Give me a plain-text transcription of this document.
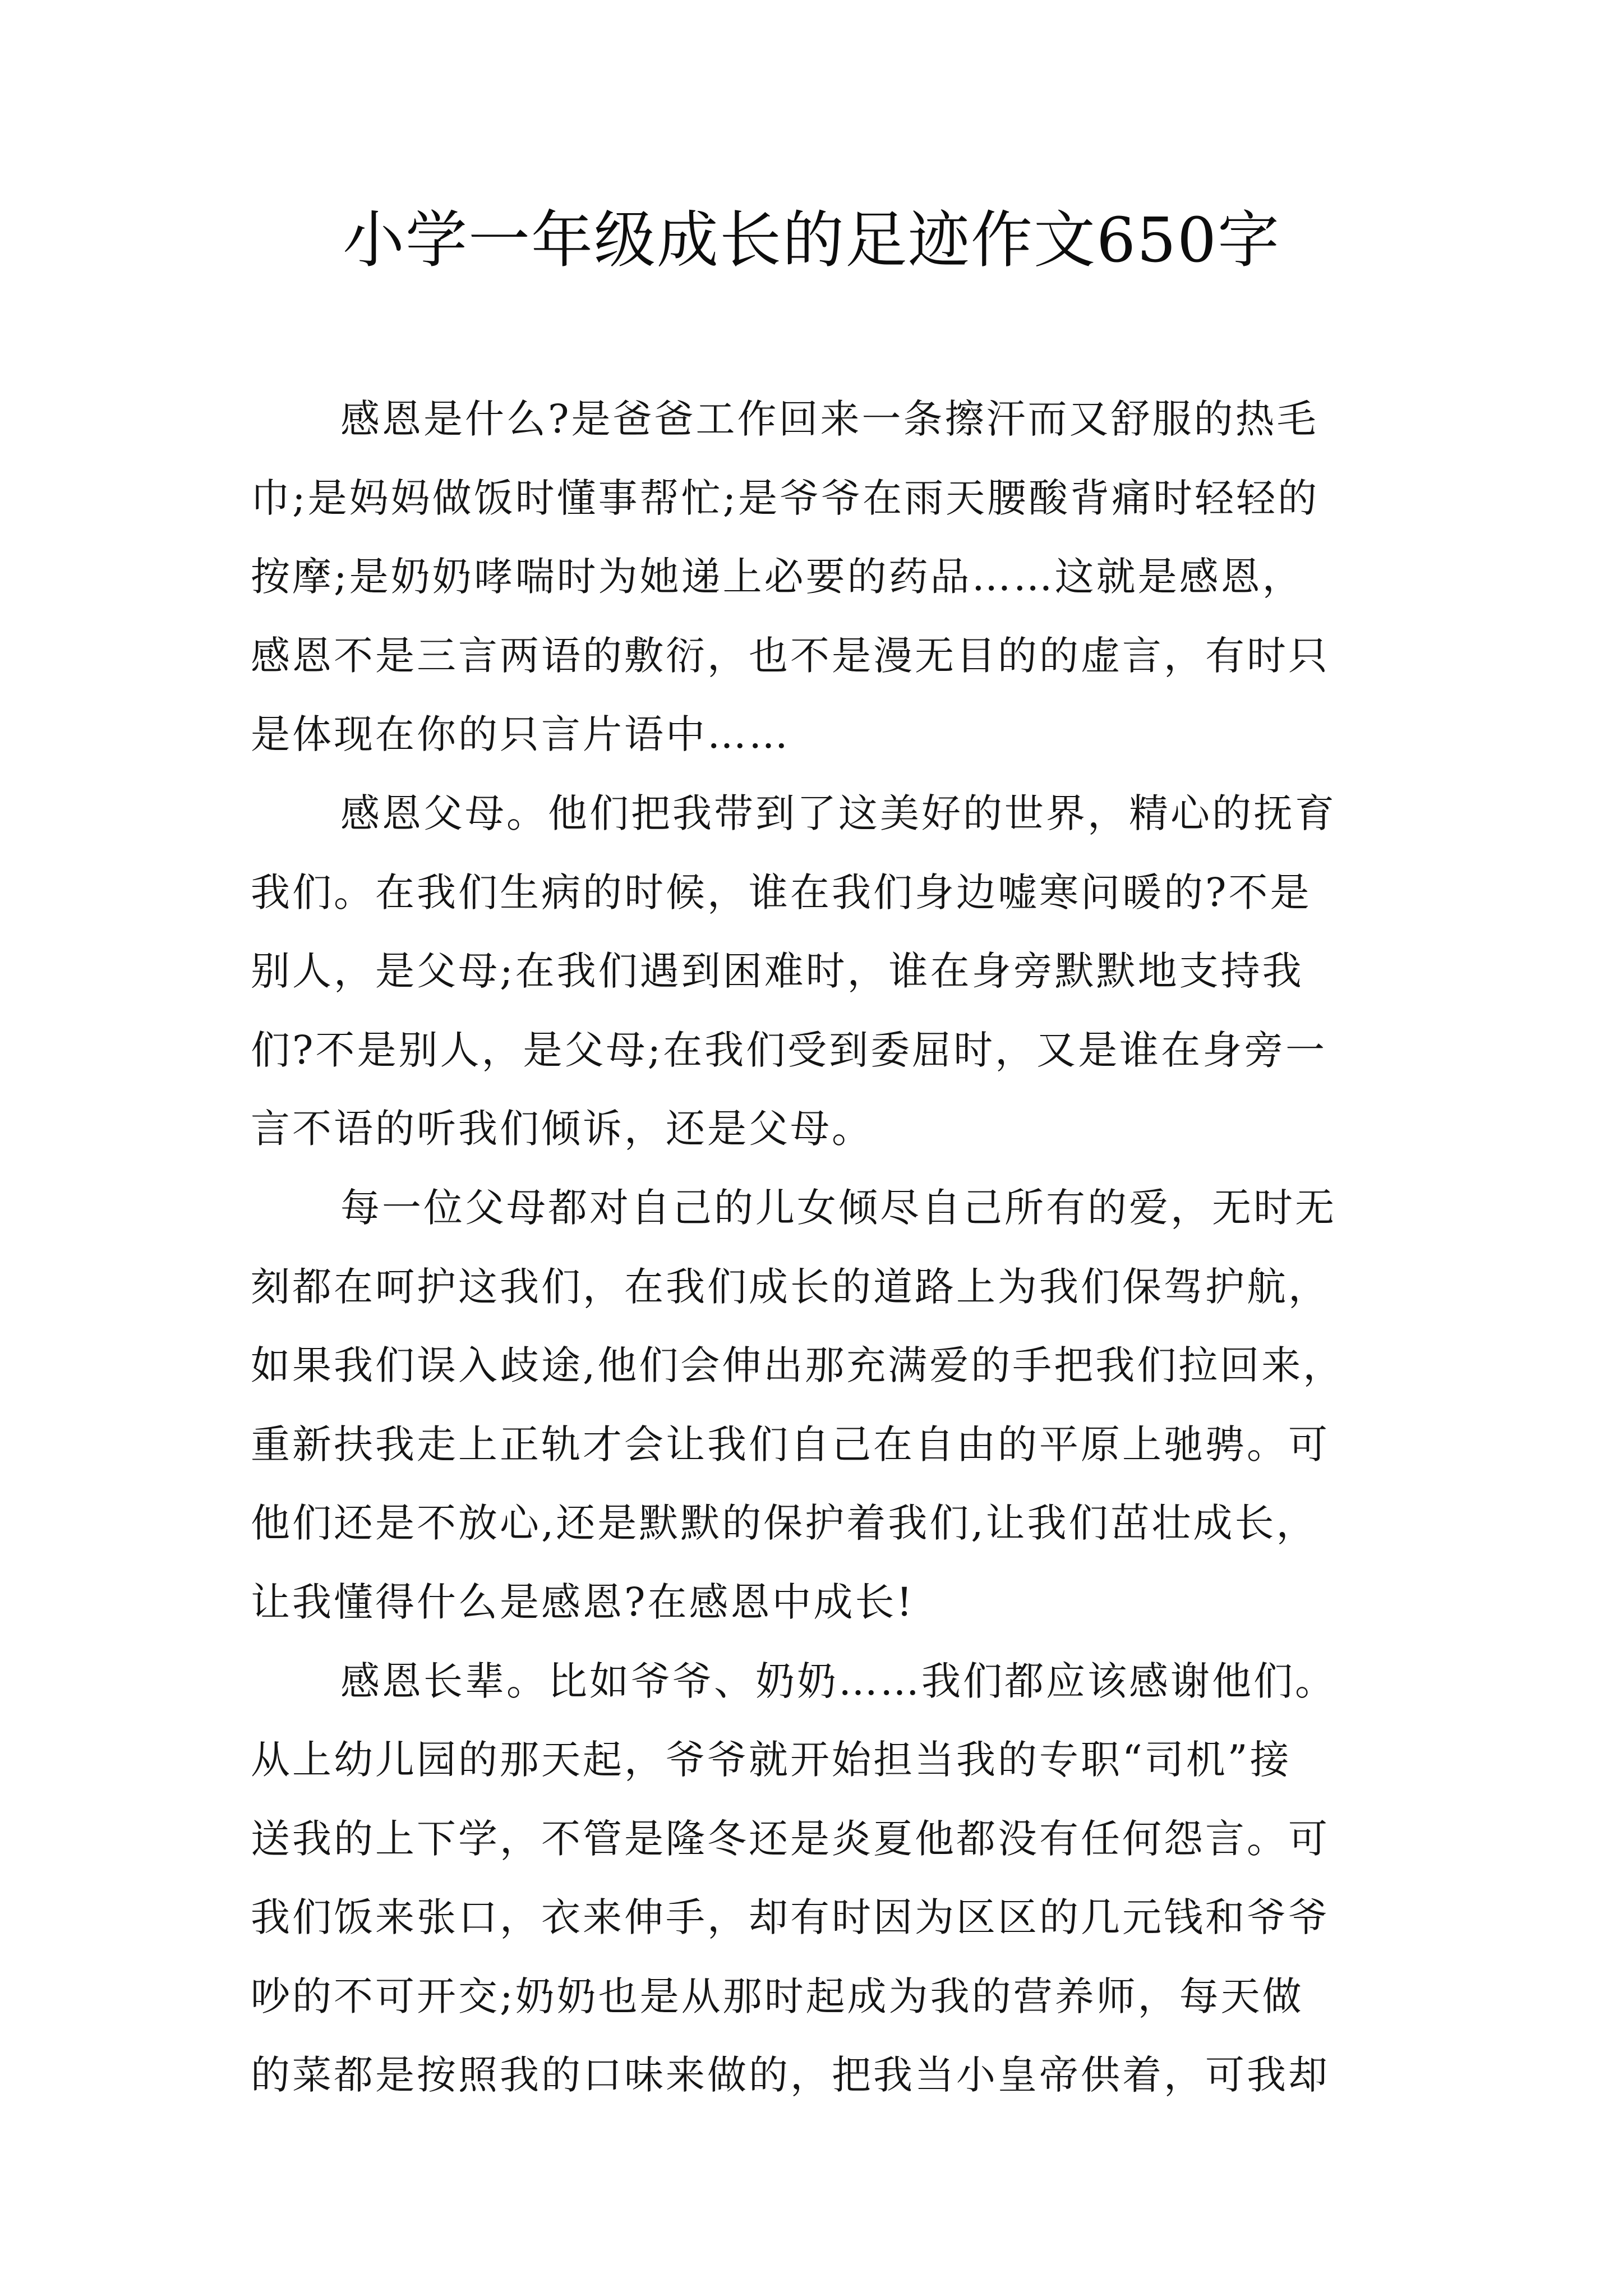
小学一年级成长的足迹作文650字
感恩是什么?是爸爸工作回来一条擦汗而又舒服的热毛
巾;是妈妈做饭时懂事帮忙;是爷爷在雨天腰酸背痛时轻轻的
按摩;是奶奶哮喘时为她递上必要的药品……这就是感恩，
感恩不是三言两语的敷衍，也不是漫无目的的虚言，有时只
是体现在你的只言片语中……
感恩父母。他们把我带到了这美好的世界，精心的抚育
我们。在我们生病的时候，谁在我们身边嘘寒问暖的?不是
别人，是父母;在我们遇到困难时，谁在身旁默默地支持我
们?不是别人，是父母;在我们受到委屈时，又是谁在身旁一
言不语的听我们倾诉，还是父母。
每一位父母都对自己的儿女倾尽自己所有的爱，无时无
刻都在呵护这我们，在我们成长的道路上为我们保驾护航，
如果我们误入歧途,他们会伸出那充满爱的手把我们拉回来，
重新扶我走上正轨才会让我们自己在自由的平原上驰骋。可
他们还是不放心,还是默默的保护着我们,让我们茁壮成长，
让我懂得什么是感恩?在感恩中成长!
感恩长辈。比如爷爷、奶奶……我们都应该感谢他们。
从上幼儿园的那天起，爷爷就开始担当我的专职“司机”接
送我的上下学，不管是隆冬还是炎夏他都没有任何怨言。可
我们饭来张口，衣来伸手，却有时因为区区的几元钱和爷爷
吵的不可开交;奶奶也是从那时起成为我的营养师，每天做
的菜都是按照我的口味来做的，把我当小皇帝供着，可我却
